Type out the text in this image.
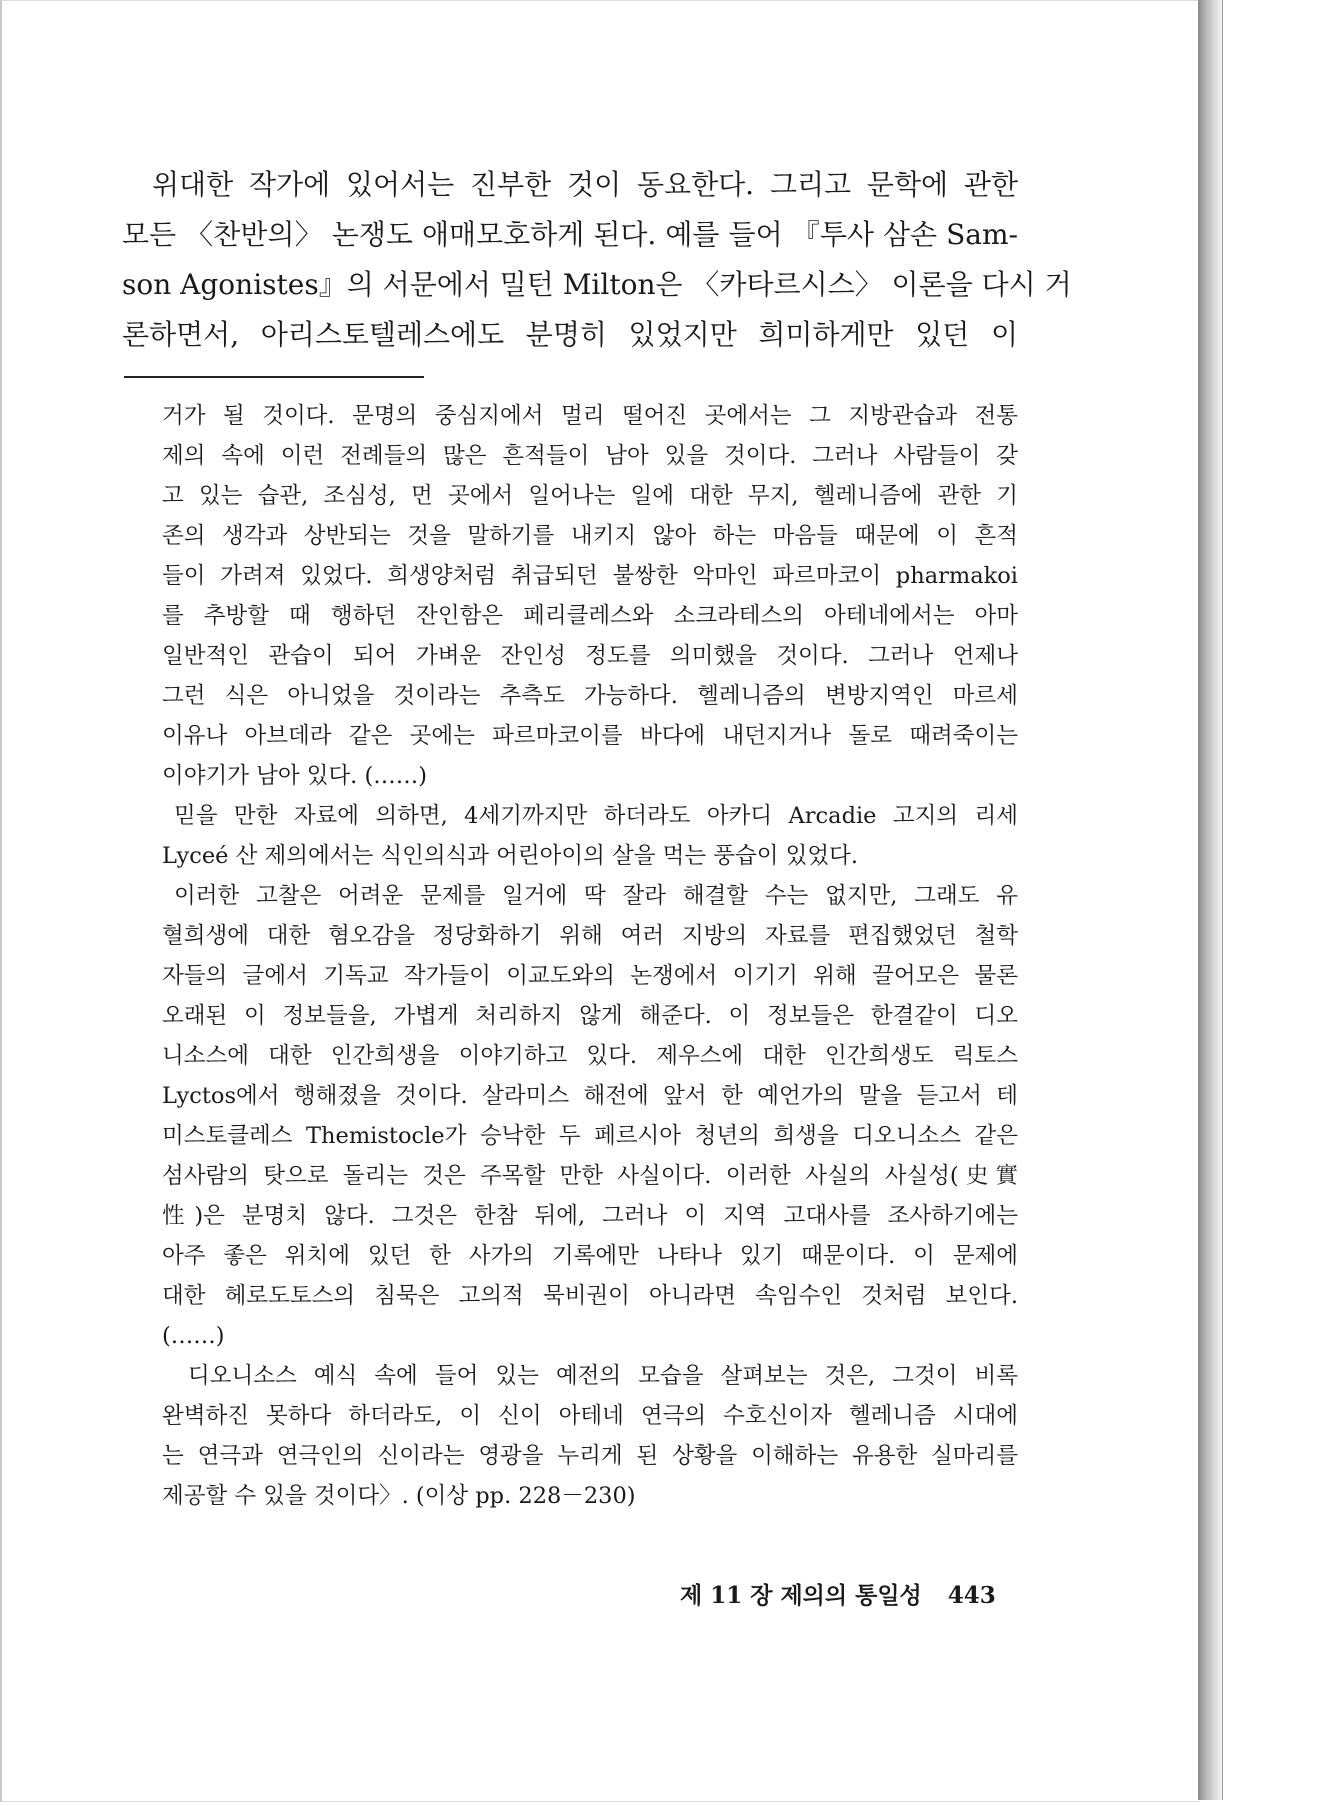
위대한 작가에 있어서는 진부한 것이 동요한다. 그리고 문학에 관한
모든 〈찬반의〉 논쟁도 애매모호하게 된다. 예를 들어 『투사 삼손 Sam-
son Agonistes』의 서문에서 밀턴 Milton은 〈카타르시스〉 이론을 다시 거
론하면서, 아리스토텔레스에도 분명히 있었지만 희미하게만 있던 이
거가 될 것이다. 문명의 중심지에서 멀리 떨어진 곳에서는 그 지방관습과 전통
제의 속에 이런 전례들의 많은 흔적들이 남아 있을 것이다. 그러나 사람들이 갖
고 있는 습관, 조심성, 먼 곳에서 일어나는 일에 대한 무지, 헬레니즘에 관한 기
존의 생각과 상반되는 것을 말하기를 내키지 않아 하는 마음들 때문에 이 흔적
들이 가려져 있었다. 희생양처럼 취급되던 불쌍한 악마인 파르마코이 pharmakoi
를 추방할 때 행하던 잔인함은 페리클레스와 소크라테스의 아테네에서는 아마
일반적인 관습이 되어 가벼운 잔인성 정도를 의미했을 것이다. 그러나 언제나
그런 식은 아니었을 것이라는 추측도 가능하다. 헬레니즘의 변방지역인 마르세
이유나 아브데라 같은 곳에는 파르마코이를 바다에 내던지거나 돌로 때려죽이는
이야기가 남아 있다. (……)
믿을 만한 자료에 의하면, 4세기까지만 하더라도 아카디 Arcadie 고지의 리세
Lyceé 산 제의에서는 식인의식과 어린아이의 살을 먹는 풍습이 있었다.
이러한 고찰은 어려운 문제를 일거에 딱 잘라 해결할 수는 없지만, 그래도 유
혈희생에 대한 혐오감을 정당화하기 위해 여러 지방의 자료를 편집했었던 철학
자들의 글에서 기독교 작가들이 이교도와의 논쟁에서 이기기 위해 끌어모은 물론
오래된 이 정보들을, 가볍게 처리하지 않게 해준다. 이 정보들은 한결같이 디오
니소스에 대한 인간희생을 이야기하고 있다. 제우스에 대한 인간희생도 릭토스
Lyctos에서 행해졌을 것이다. 살라미스 해전에 앞서 한 예언가의 말을 듣고서 테
미스토클레스 Themistocle가 승낙한 두 페르시아 청년의 희생을 디오니소스 같은
섬사람의 탓으로 돌리는 것은 주목할 만한 사실이다. 이러한 사실의 사실성(史實
性)은 분명치 않다. 그것은 한참 뒤에, 그러나 이 지역 고대사를 조사하기에는
아주 좋은 위치에 있던 한 사가의 기록에만 나타나 있기 때문이다. 이 문제에
대한 헤로도토스의 침묵은 고의적 묵비권이 아니라면 속임수인 것처럼 보인다.
(……)
디오니소스 예식 속에 들어 있는 예전의 모습을 살펴보는 것은, 그것이 비록
완벽하진 못하다 하더라도, 이 신이 아테네 연극의 수호신이자 헬레니즘 시대에
는 연극과 연극인의 신이라는 영광을 누리게 된 상황을 이해하는 유용한 실마리를
제공할 수 있을 것이다〉. (이상 pp. 228－230)
제 11 장 제의의 통일성 443
